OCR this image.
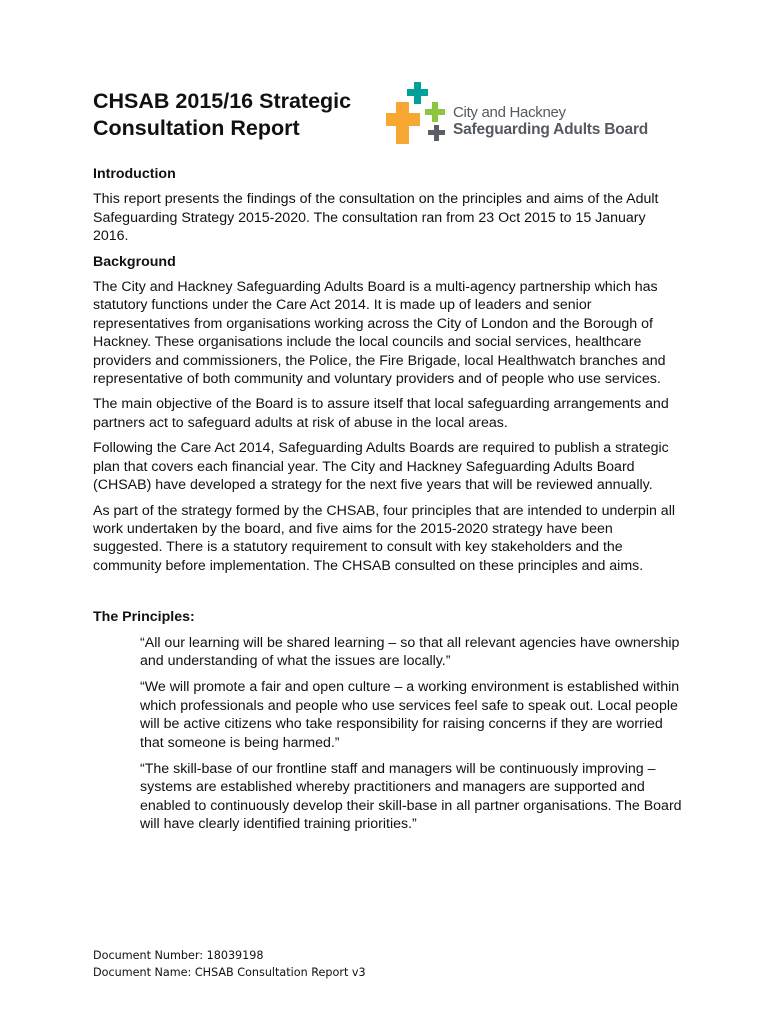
CHSAB 2015/16 Strategic
Consultation Report
City and Hackney
Safeguarding Adults Board
Introduction
This report presents the findings of the consultation on the principles and aims of the Adult Safeguarding Strategy 2015-2020. The consultation ran from 23 Oct 2015 to 15 January 2016.
Background
The City and Hackney Safeguarding Adults Board is a multi-agency partnership which has statutory functions under the Care Act 2014. It is made up of leaders and senior representatives from organisations working across the City of London and the Borough of Hackney. These organisations include the local councils and social services, healthcare providers and commissioners, the Police, the Fire Brigade, local Healthwatch branches and representative of both community and voluntary providers and of people who use services.
The main objective of the Board is to assure itself that local safeguarding arrangements and partners act to safeguard adults at risk of abuse in the local areas.
Following the Care Act 2014, Safeguarding Adults Boards are required to publish a strategic plan that covers each financial year. The City and Hackney Safeguarding Adults Board (CHSAB) have developed a strategy for the next five years that will be reviewed annually.
As part of the strategy formed by the CHSAB, four principles that are intended to underpin all work undertaken by the board, and five aims for the 2015-2020 strategy have been suggested. There is a statutory requirement to consult with key stakeholders and the community before implementation. The CHSAB consulted on these principles and aims.
The Principles:
“All our learning will be shared learning – so that all relevant agencies have ownership and understanding of what the issues are locally.”
“We will promote a fair and open culture – a working environment is established within which professionals and people who use services feel safe to speak out. Local people will be active citizens who take responsibility for raising concerns if they are worried that someone is being harmed.”
“The skill-base of our frontline staff and managers will be continuously improving – systems are established whereby practitioners and managers are supported and enabled to continuously develop their skill-base in all partner organisations. The Board will have clearly identified training priorities.”
Document Number: 18039198
Document Name: CHSAB Consultation Report v3
